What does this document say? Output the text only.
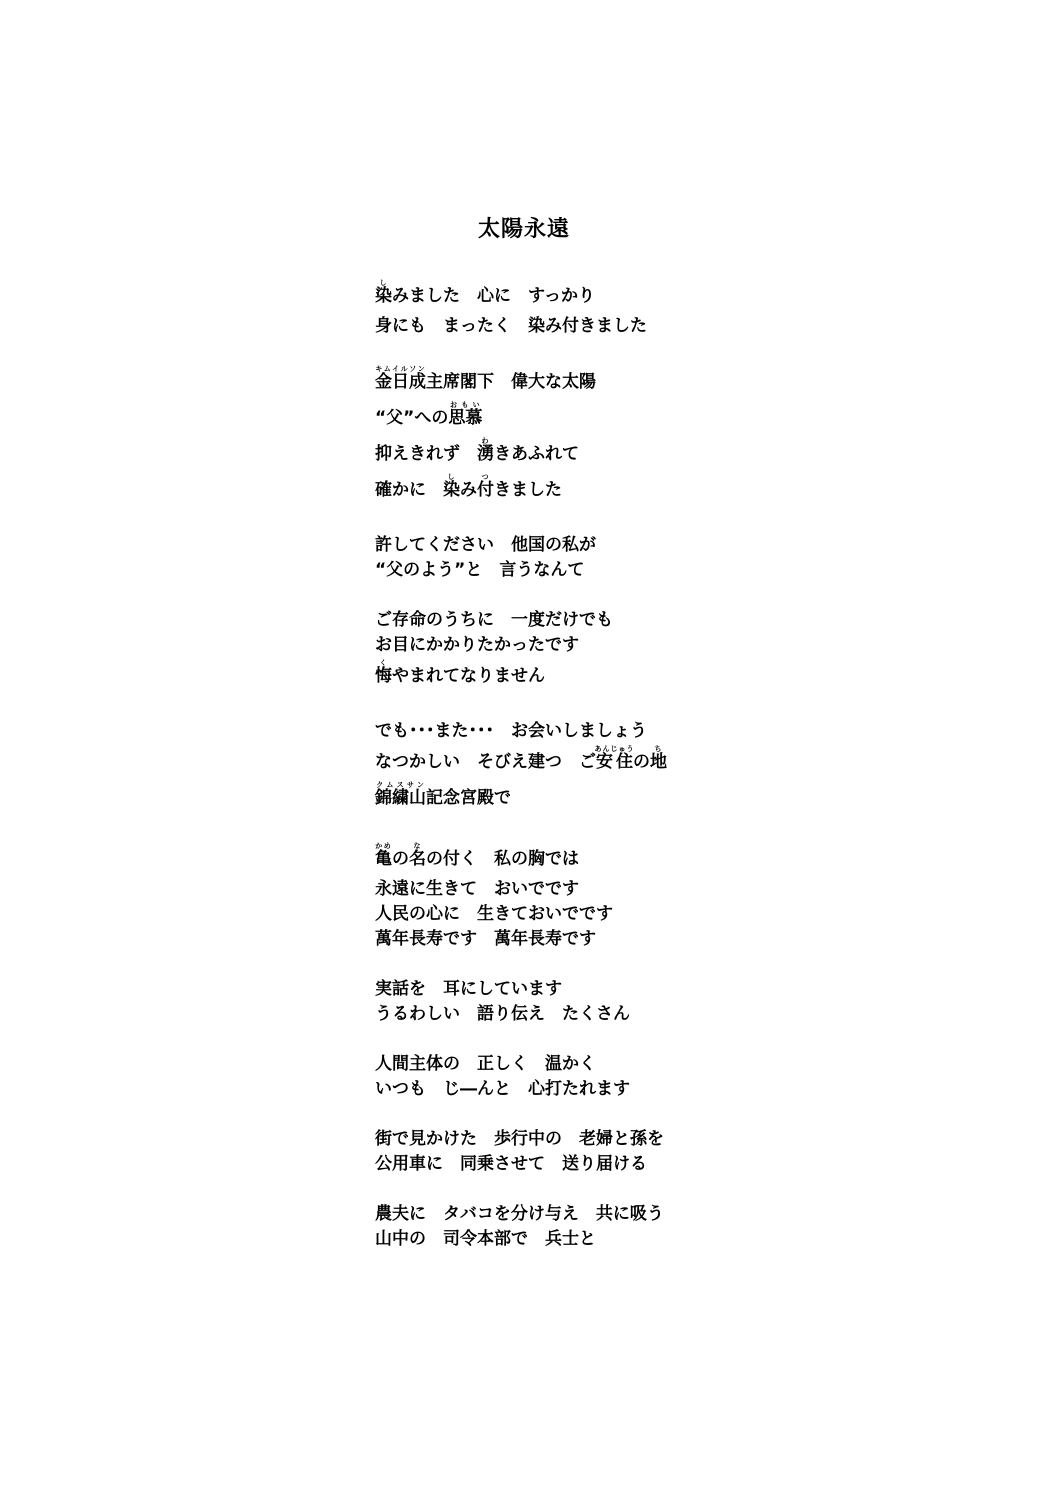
太陽永遠
染しみました　心に　すっかり
身にも　まったく　染み付きました
金日成キムイルソン主席閣下　偉大な太陽
“父”への思慕おもい
抑えきれず　湧わきあふれて
確かに　染しみ付つきました
許してください　他国の私が
“父のよう”と　言うなんて
ご存命のうちに　一度だけでも
お目にかかりたかったです
悔くやまれてなりません
でも･･･また･･･　お会いしましょう
なつかしい　そびえ建つ　ご安住あんじゅうの地ち
錦繍山クムスサン記念宮殿で
亀かめの名なの付く　私の胸では
永遠に生きて　おいでです
人民の心に　生きておいでです
萬年長寿です　萬年長寿です
実話を　耳にしています
うるわしい　語り伝え　たくさん
人間主体の　正しく　温かく
いつも　じ―んと　心打たれます
街で見かけた　歩行中の　老婦と孫を
公用車に　同乗させて　送り届ける
農夫に　タバコを分け与え　共に吸う
山中の　司令本部で　兵士と
